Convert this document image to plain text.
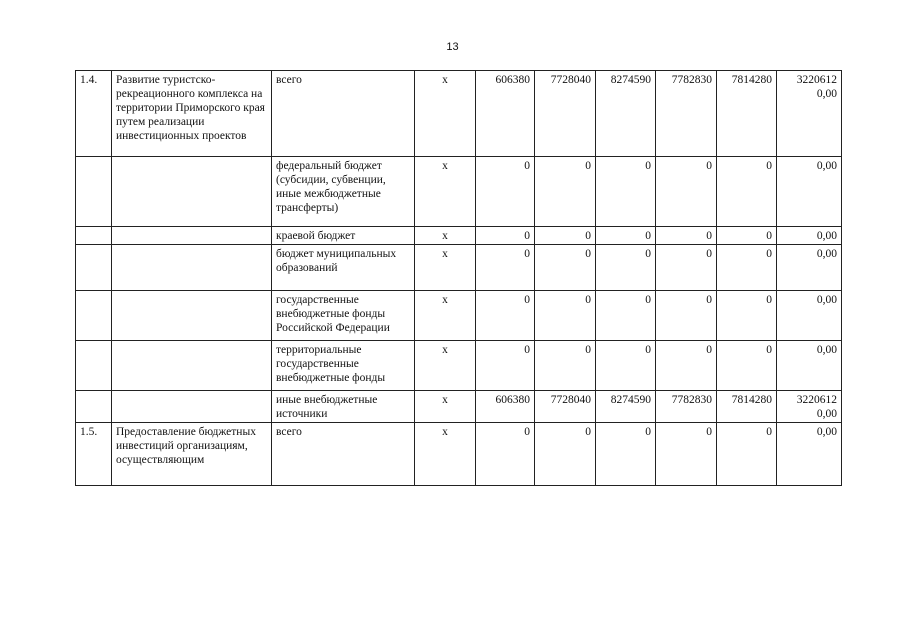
13
1.4.	Развитие туристско-рекреационного комплекса на территории Приморского края путем реализации инвестиционных проектов	всего	х	606380	7728040	8274590	7782830	7814280	3220612 0,00
		федеральный бюджет (субсидии, субвенции, иные межбюджетные трансферты)	х	0	0	0	0	0	0,00
		краевой бюджет	х	0	0	0	0	0	0,00
		бюджет муниципальных образований	х	0	0	0	0	0	0,00
		государственные внебюджетные фонды Российской Федерации	х	0	0	0	0	0	0,00
		территориальные государственные внебюджетные фонды	х	0	0	0	0	0	0,00
		иные внебюджетные источники	х	606380	7728040	8274590	7782830	7814280	3220612 0,00
1.5.	Предоставление бюджетных инвестиций организациям, осуществляющим	всего	х	0	0	0	0	0	0,00
